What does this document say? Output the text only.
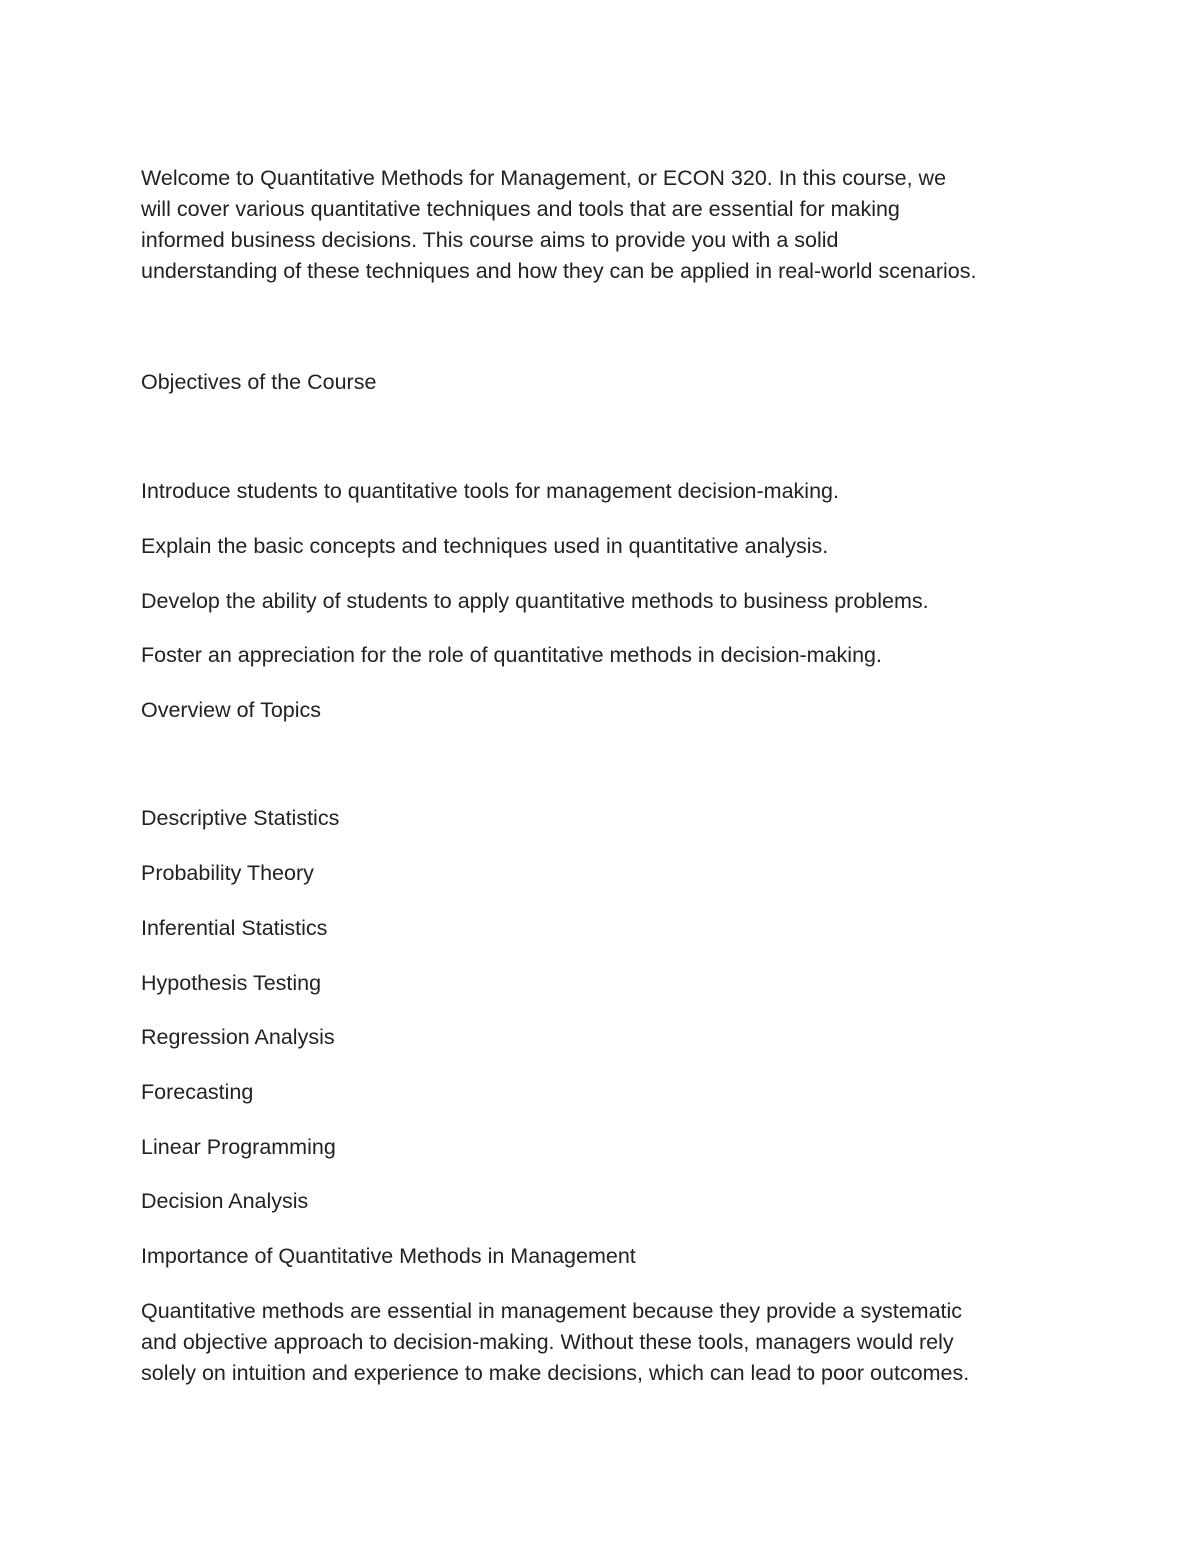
Welcome to Quantitative Methods for Management, or ECON 320. In this course, we
will cover various quantitative techniques and tools that are essential for making
informed business decisions. This course aims to provide you with a solid
understanding of these techniques and how they can be applied in real-world scenarios.

Objectives of the Course

Introduce students to quantitative tools for management decision-making.

Explain the basic concepts and techniques used in quantitative analysis.

Develop the ability of students to apply quantitative methods to business problems.

Foster an appreciation for the role of quantitative methods in decision-making.

Overview of Topics

Descriptive Statistics

Probability Theory

Inferential Statistics

Hypothesis Testing

Regression Analysis

Forecasting

Linear Programming

Decision Analysis

Importance of Quantitative Methods in Management

Quantitative methods are essential in management because they provide a systematic
and objective approach to decision-making. Without these tools, managers would rely
solely on intuition and experience to make decisions, which can lead to poor outcomes.
